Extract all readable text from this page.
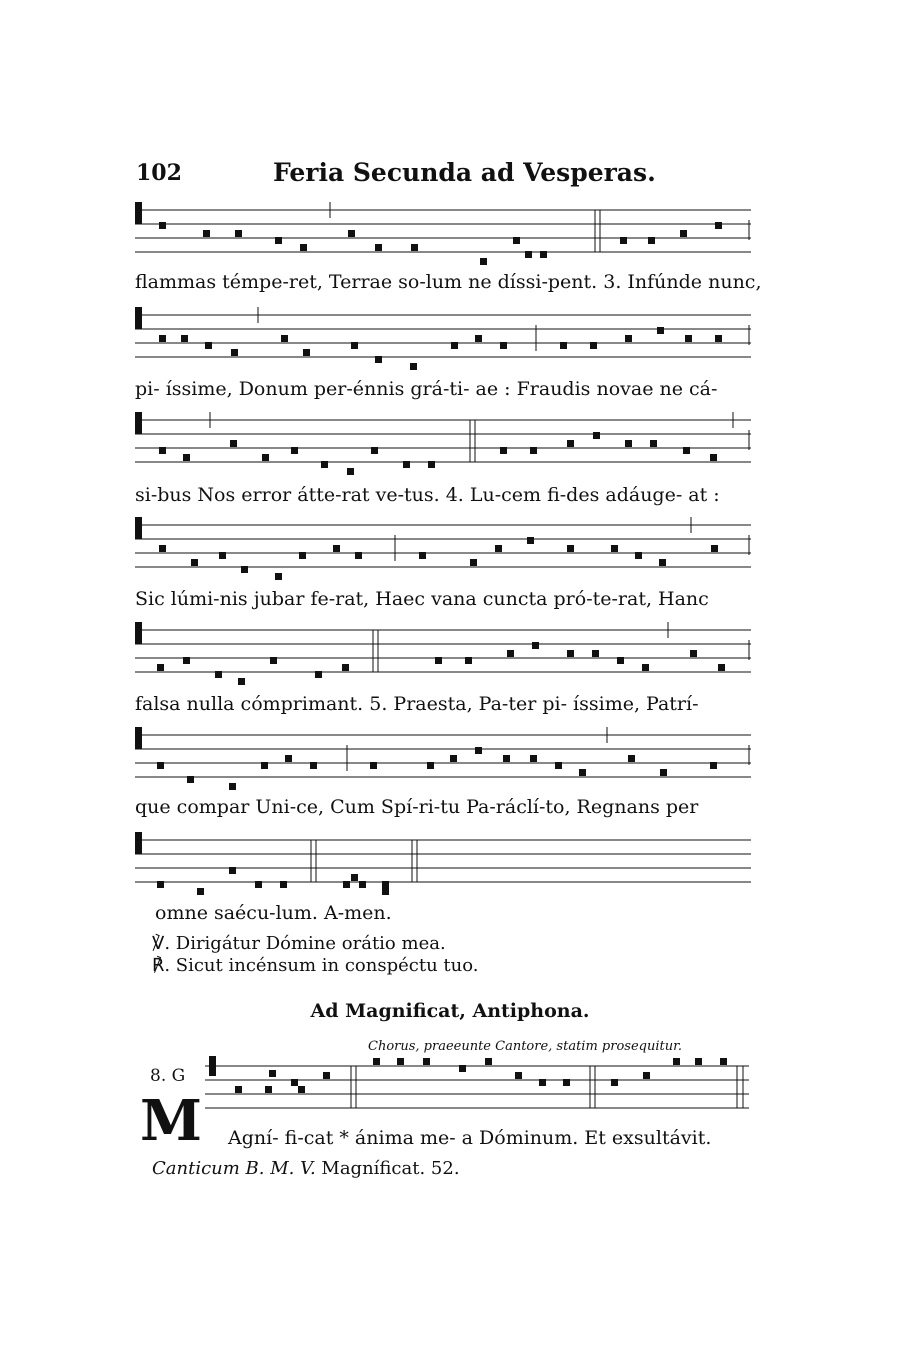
102	Feria Secunda ad Vesperas.
flammas témpe-ret, Terrae so-lum ne díssi-pent. 3. Infúnde nunc,
pi- íssime, Donum per-énnis grá-ti- ae : Fraudis novae ne cá-
si-bus Nos error átte-rat ve-tus. 4. Lu-cem fi-des adáuge- at :
Sic lúmi-nis jubar fe-rat, Haec vana cuncta pró-te-rat, Hanc
falsa nulla cómprimant. 5. Praesta, Pa-ter pi- íssime, Patrí-
que compar Uni-ce, Cum Spí-ri-tu Pa-ráclí-to, Regnans per
omne saécu-lum. A-men.
℣. Dirigátur Dómine orátio mea.
℟. Sicut incénsum in conspéctu tuo.
Ad Magnificat, Antiphona.
Chorus, praeeunte Cantore, statim prosequitur.
8. G
M Agní- fi-cat * ánima me- a Dóminum. Et exsultávit.
Canticum B. M. V. Magníficat. 52.
